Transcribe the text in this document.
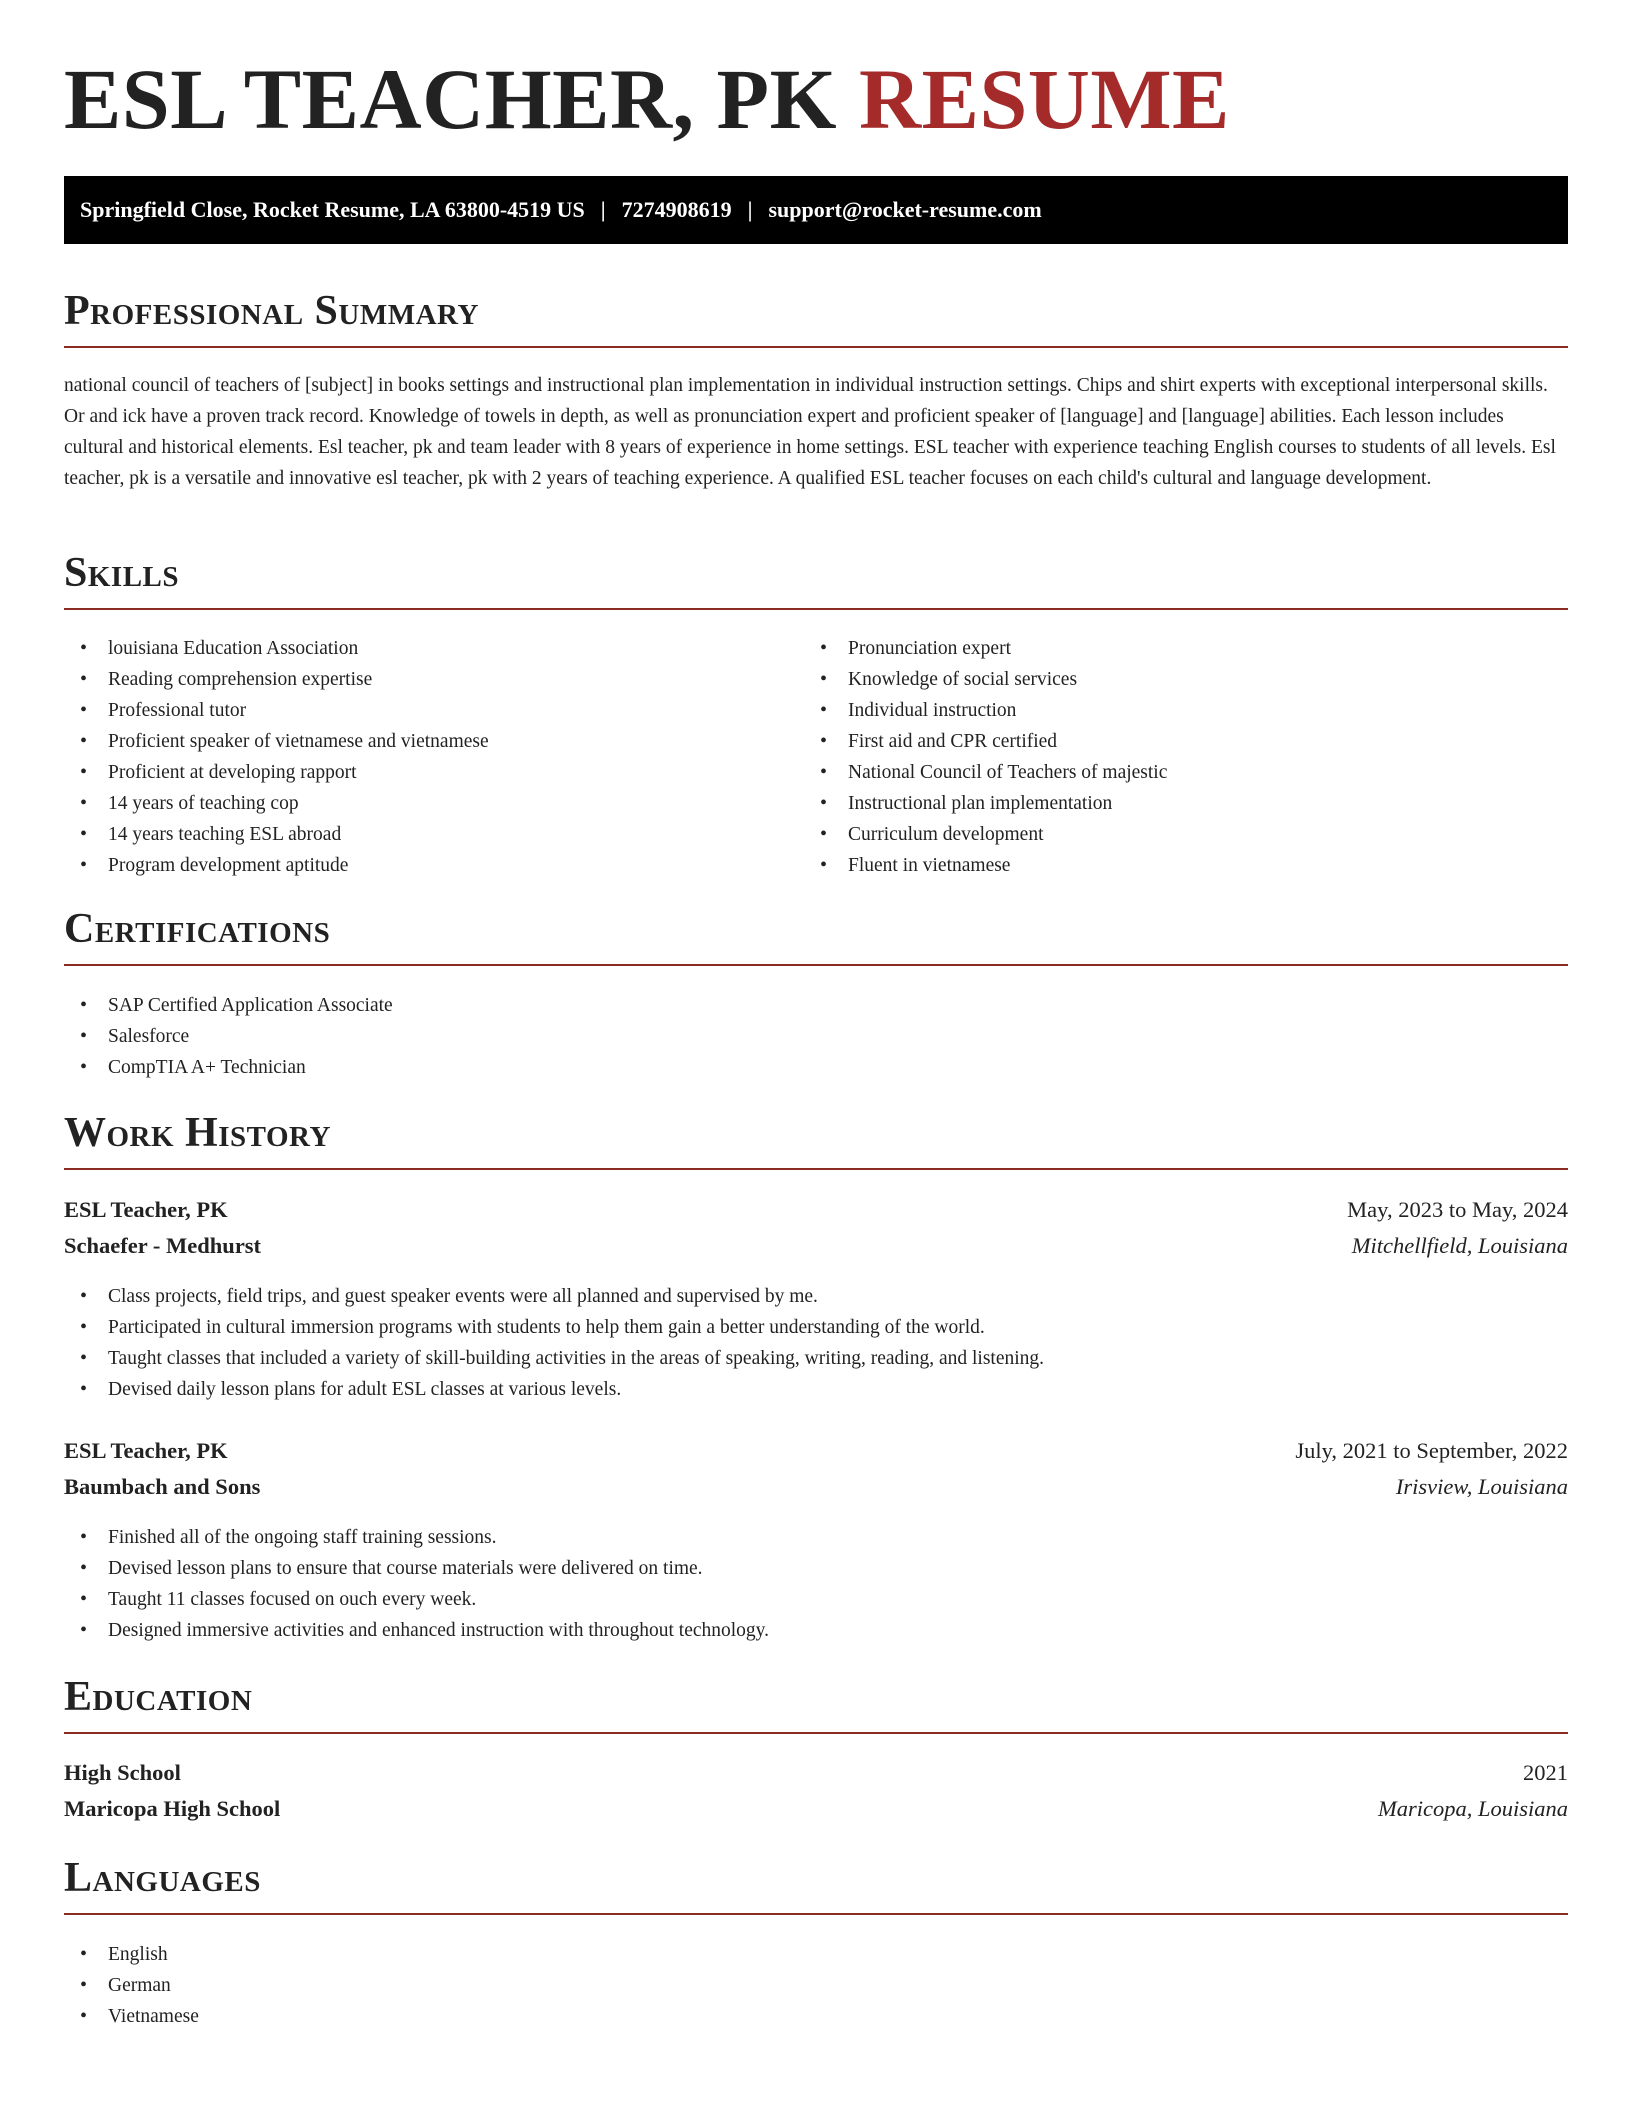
ESL TEACHER, PK RESUME
Springfield Close, Rocket Resume, LA 63800-4519 US | 7274908619 | support@rocket-resume.com
Professional Summary

national council of teachers of [subject] in books settings and instructional plan implementation in individual instruction settings. Chips and shirt experts with exceptional interpersonal skills. Or and ick have a proven track record. Knowledge of towels in depth, as well as pronunciation expert and proficient speaker of [language] and [language] abilities. Each lesson includes cultural and historical elements. Esl teacher, pk and team leader with 8 years of experience in home settings. ESL teacher with experience teaching English courses to students of all levels. Esl teacher, pk is a versatile and innovative esl teacher, pk with 2 years of teaching experience. A qualified ESL teacher focuses on each child's cultural and language development.

Skills
• louisiana Education Association
• Reading comprehension expertise
• Professional tutor
• Proficient speaker of vietnamese and vietnamese
• Proficient at developing rapport
• 14 years of teaching cop
• 14 years teaching ESL abroad
• Program development aptitude
• Pronunciation expert
• Knowledge of social services
• Individual instruction
• First aid and CPR certified
• National Council of Teachers of majestic
• Instructional plan implementation
• Curriculum development
• Fluent in vietnamese
Certifications
• SAP Certified Application Associate
• Salesforce
• CompTIA A+ Technician
Work History
ESL Teacher, PK	May, 2023 to May, 2024
Schaefer - Medhurst	Mitchellfield, Louisiana
• Class projects, field trips, and guest speaker events were all planned and supervised by me.
• Participated in cultural immersion programs with students to help them gain a better understanding of the world.
• Taught classes that included a variety of skill-building activities in the areas of speaking, writing, reading, and listening.
• Devised daily lesson plans for adult ESL classes at various levels.
ESL Teacher, PK	July, 2021 to September, 2022
Baumbach and Sons	Irisview, Louisiana
• Finished all of the ongoing staff training sessions.
• Devised lesson plans to ensure that course materials were delivered on time.
• Taught 11 classes focused on ouch every week.
• Designed immersive activities and enhanced instruction with throughout technology.
Education
High School	2021
Maricopa High School	Maricopa, Louisiana
Languages
• English
• German
• Vietnamese
